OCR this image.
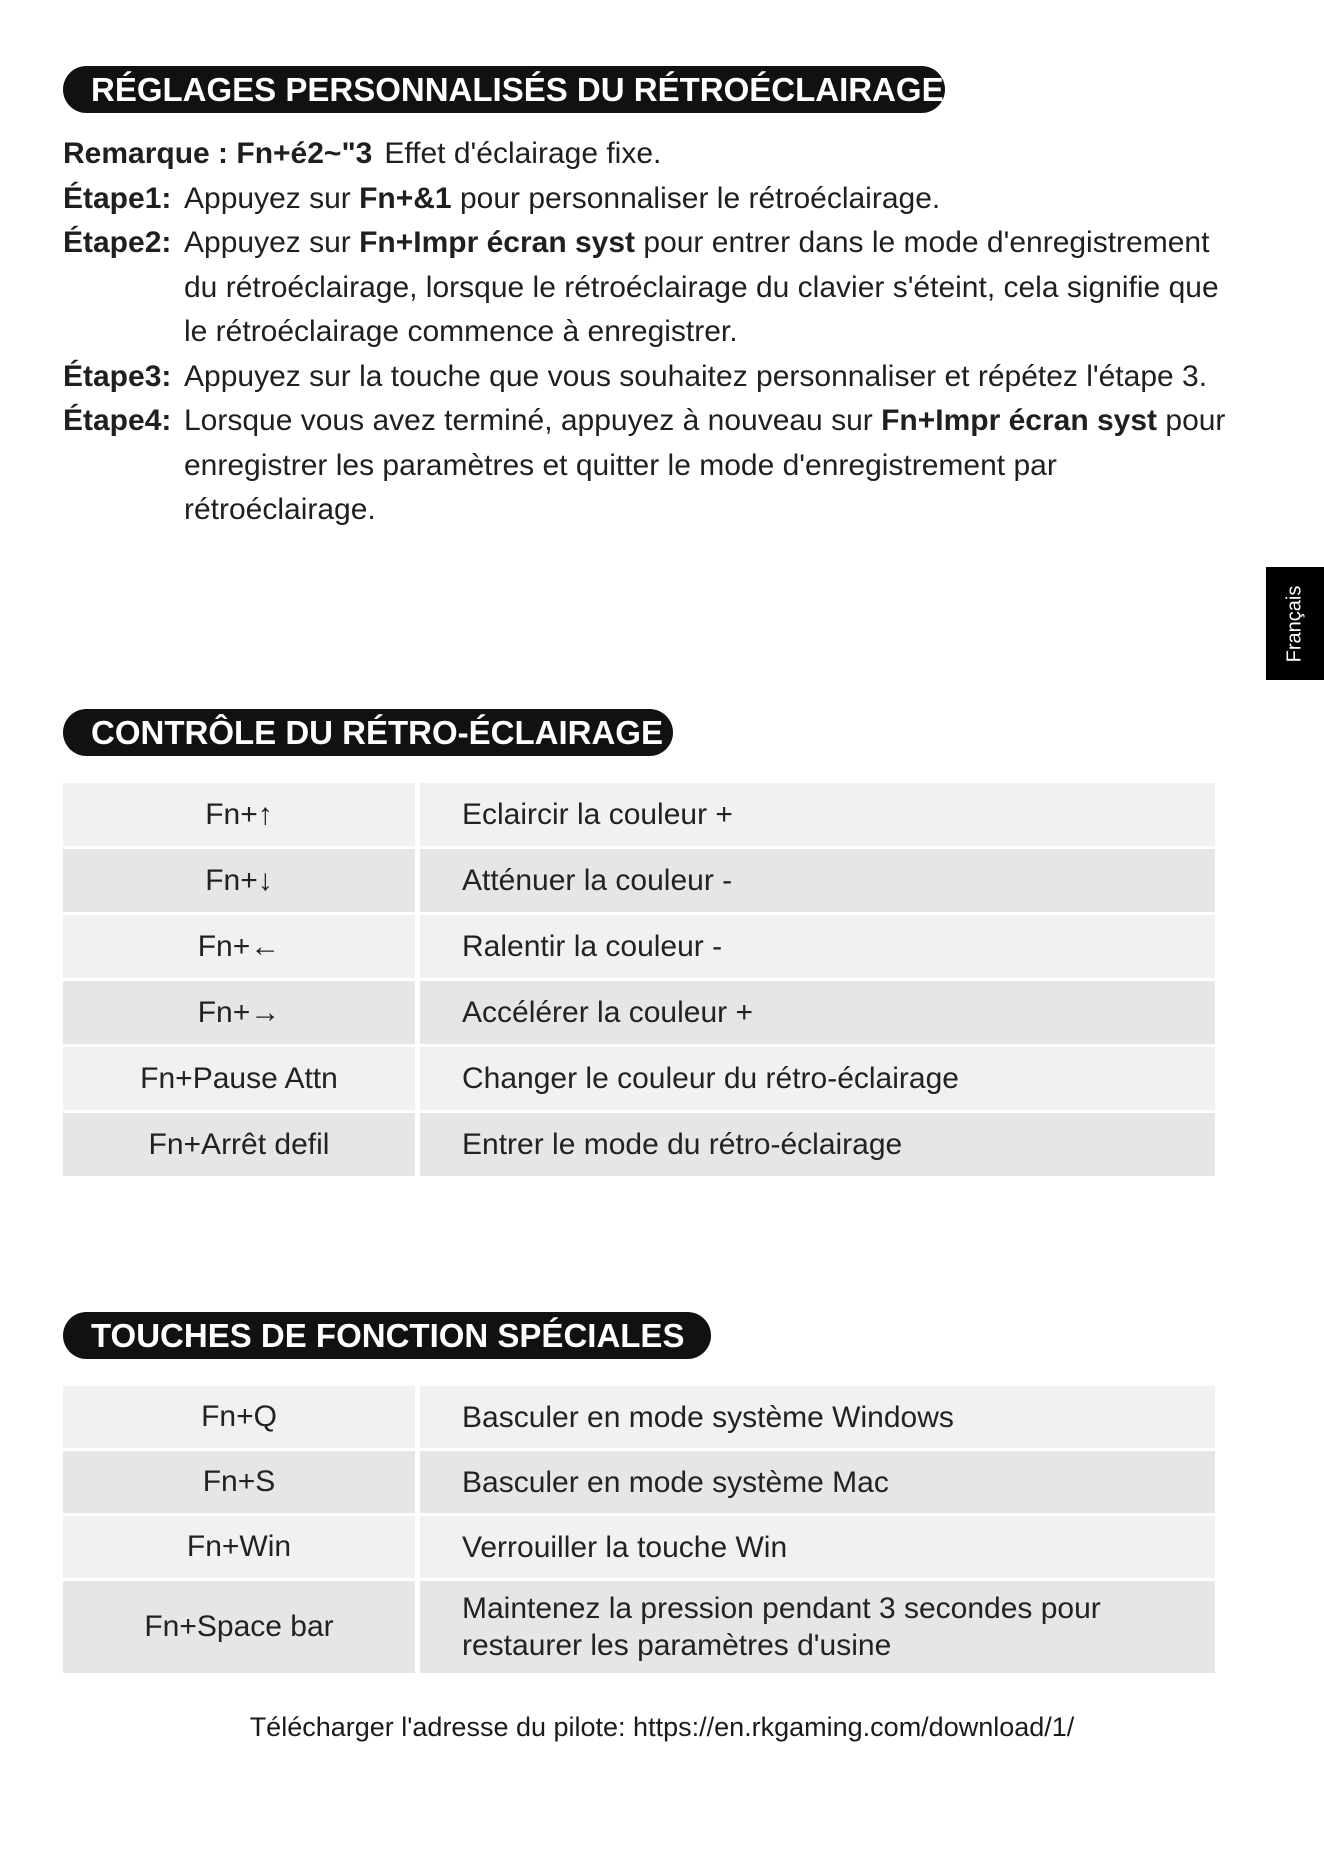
RÉGLAGES PERSONNALISÉS DU RÉTROÉCLAIRAGE
Remarque : Fn+é2~"3 Effet d'éclairage fixe.
Étape1: Appuyez sur Fn+&1 pour personnaliser le rétroéclairage.
Étape2: Appuyez sur Fn+Impr écran syst pour entrer dans le mode d'enregistrement du rétroéclairage, lorsque le rétroéclairage du clavier s'éteint, cela signifie que le rétroéclairage commence à enregistrer.
Étape3: Appuyez sur la touche que vous souhaitez personnaliser et répétez l'étape 3.
Étape4: Lorsque vous avez terminé, appuyez à nouveau sur Fn+Impr écran syst pour enregistrer les paramètres et quitter le mode d'enregistrement par rétroéclairage.
Français
CONTRÔLE DU RÉTRO-ÉCLAIRAGE
Fn+↑	Eclaircir la couleur +
Fn+↓	Atténuer la couleur -
Fn+←	Ralentir la couleur -
Fn+→	Accélérer la couleur +
Fn+Pause Attn	Changer le couleur du rétro-éclairage
Fn+Arrêt defil	Entrer le mode du rétro-éclairage
TOUCHES DE FONCTION SPÉCIALES
Fn+Q	Basculer en mode système Windows
Fn+S	Basculer en mode système Mac
Fn+Win	Verrouiller la touche Win
Fn+Space bar	Maintenez la pression pendant 3 secondes pour restaurer les paramètres d'usine
Télécharger l'adresse du pilote: https://en.rkgaming.com/download/1/
